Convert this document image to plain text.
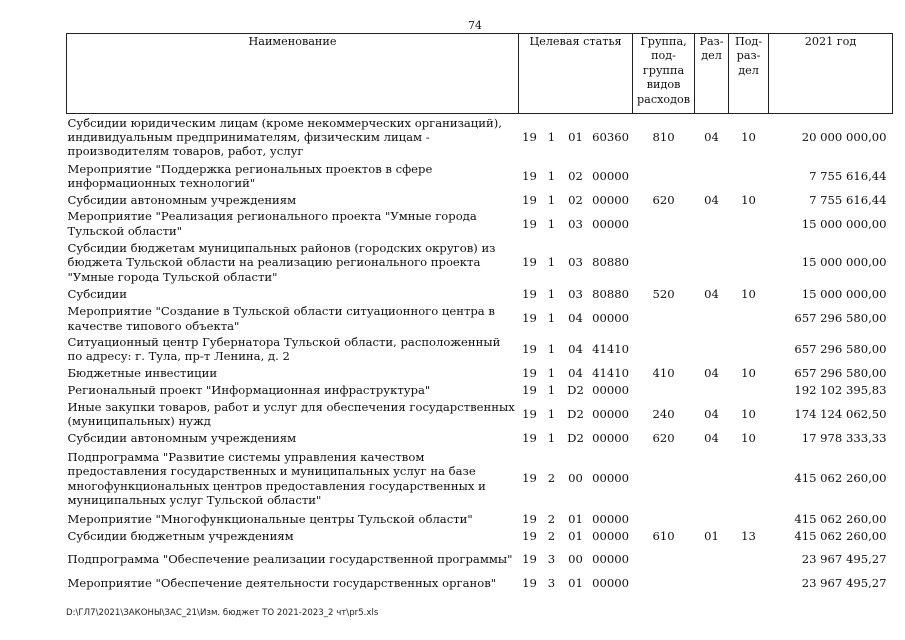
74
Наименование	Целевая статья				Группа, под-группа видов расходов	Раз-дел	Под-раз-дел	2021 год
Субсидии юридическим лицам (кроме некоммерческих организаций), индивидуальным предпринимателям, физическим лицам - производителям товаров, работ, услуг	19	1	01	60360	810	04	10	20 000 000,00
Мероприятие "Поддержка региональных проектов в сфере информационных технологий"	19	1	02	00000				7 755 616,44
Субсидии автономным учреждениям	19	1	02	00000	620	04	10	7 755 616,44
Мероприятие "Реализация регионального проекта "Умные города Тульской области"	19	1	03	00000				15 000 000,00
Субсидии бюджетам муниципальных районов (городских округов) из бюджета Тульской области на реализацию регионального проекта "Умные города Тульской области"	19	1	03	80880				15 000 000,00
Субсидии	19	1	03	80880	520	04	10	15 000 000,00
Мероприятие "Создание в Тульской области ситуационного центра в качестве типового объекта"	19	1	04	00000				657 296 580,00
Ситуационный центр Губернатора Тульской области, расположенный по адресу: г. Тула, пр-т Ленина, д. 2	19	1	04	41410				657 296 580,00
Бюджетные инвестиции	19	1	04	41410	410	04	10	657 296 580,00
Региональный проект "Информационная инфраструктура"	19	1	D2	00000				192 102 395,83
Иные закупки товаров, работ и услуг для обеспечения государственных (муниципальных) нужд	19	1	D2	00000	240	04	10	174 124 062,50
Субсидии автономным учреждениям	19	1	D2	00000	620	04	10	17 978 333,33
Подпрограмма "Развитие системы управления качеством предоставления государственных и муниципальных услуг на базе многофункциональных центров предоставления государственных и муниципальных услуг Тульской области"	19	2	00	00000				415 062 260,00
Мероприятие "Многофункциональные центры Тульской области"	19	2	01	00000				415 062 260,00
Субсидии бюджетным учреждениям	19	2	01	00000	610	01	13	415 062 260,00
Подпрограмма "Обеспечение реализации государственной программы"	19	3	00	00000				23 967 495,27
Мероприятие "Обеспечение деятельности государственных органов"	19	3	01	00000				23 967 495,27
D:\ГЛ7\2021\ЗАКОНЫ\ЗАС_21\Изм. бюджет ТО 2021-2023_2 чт\pr5.xls
